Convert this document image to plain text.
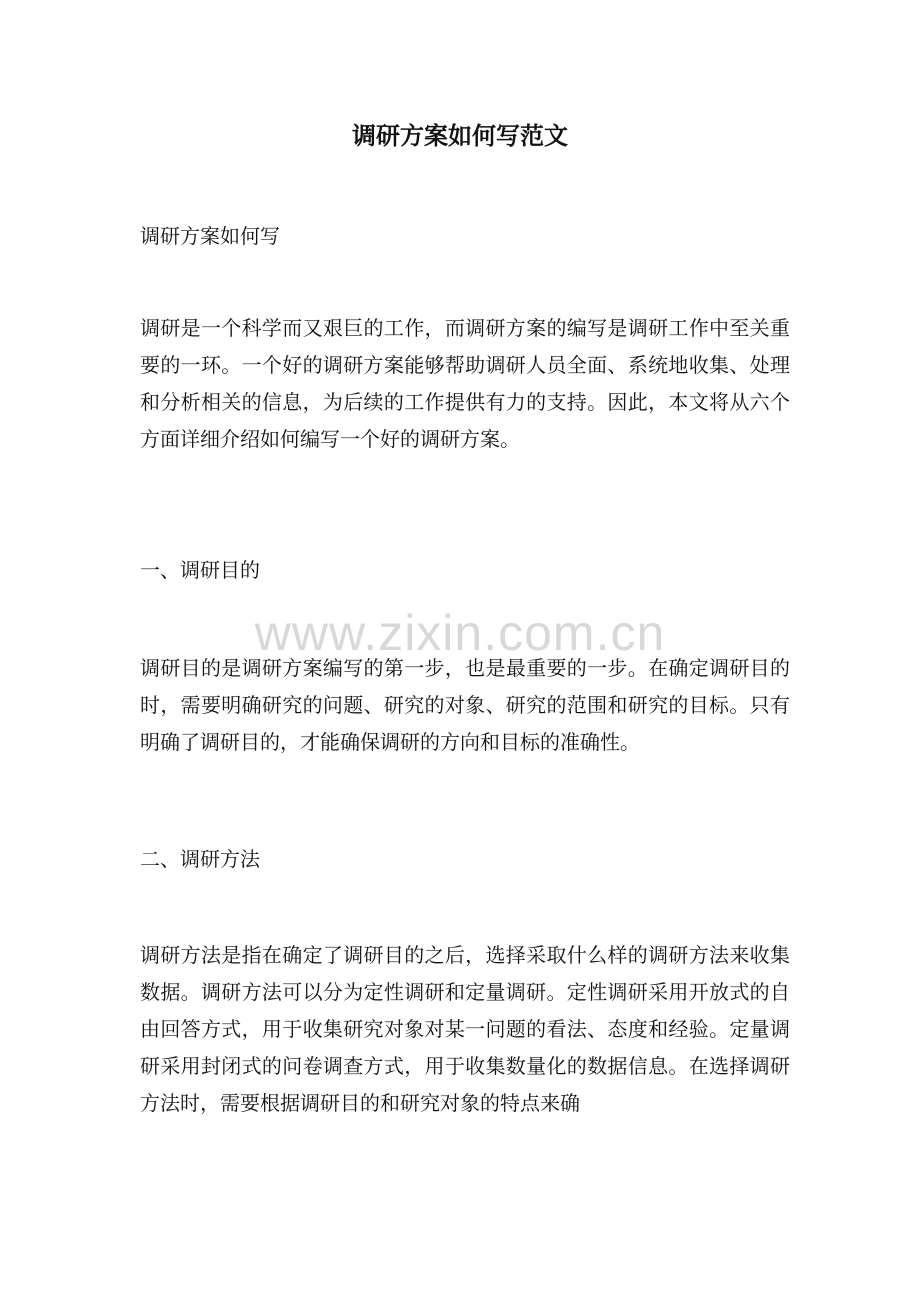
调研方案如何写范文

调研方案如何写

调研是一个科学而又艰巨的工作，而调研方案的编写是调研工作中至关重要的一环。一个好的调研方案能够帮助调研人员全面、系统地收集、处理和分析相关的信息，为后续的工作提供有力的支持。因此，本文将从六个方面详细介绍如何编写一个好的调研方案。

一、调研目的

调研目的是调研方案编写的第一步，也是最重要的一步。在确定调研目的时，需要明确研究的问题、研究的对象、研究的范围和研究的目标。只有明确了调研目的，才能确保调研的方向和目标的准确性。

二、调研方法

调研方法是指在确定了调研目的之后，选择采取什么样的调研方法来收集数据。调研方法可以分为定性调研和定量调研。定性调研采用开放式的自由回答方式，用于收集研究对象对某一问题的看法、态度和经验。定量调研采用封闭式的问卷调查方式，用于收集数量化的数据信息。在选择调研方法时，需要根据调研目的和研究对象的特点来确

www.zixin.com.cn
